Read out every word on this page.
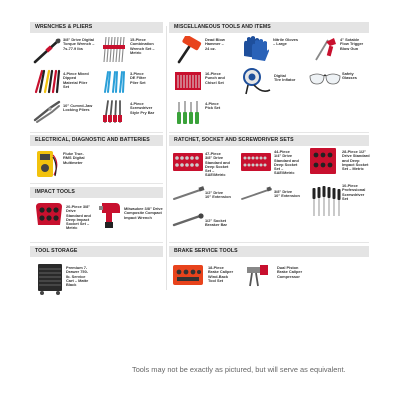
WRENCHES & PLIERS	MISCELLANEOUS TOOLS AND ITEMS
ELECTRICAL, DIAGNOSTIC AND BATTERIES	RATCHET, SOCKET AND SCREWDRIVER SETS
IMPACT TOOLS
TOOL STORAGE	BRAKE SERVICE TOOLS
3/8" Drive Digital
Torque Wrench –
7s-77.9 lbs
15-Piece
Combination
Wrench Set –
Metric
4-Piece Mixed
Dipped
Material Plier
Set
3-Piece
DE Filter
Plier Set
10" Curved-Jaw
Locking Pliers
4-Piece
Screwdriver
Style Pry Bar
Dead Blow
Hammer –
24 oz.
Nitrile Gloves
– Large
4" Sotable
Flow Trigger
Blow Gun
16-Piece
Punch and
Chisel Set
Digital
Tire Inflator
Safety
Glasses
4-Piece
Pick Set
Fluke True-
RMS Digital
Multimeter
47-Piece
3/8" Drive
Standard and
Deep Socket
Set –
SAE/Metric
44-Piece
1/4" Drive
Standard and
Deep Socket
Set –
SAE/Metric
28-Piece 1/2"
Drive Standard
and Deep
Impact Socket
Set – Metric
1/2" Drive
10" Extension
3/8" Drive
10" Extension
10-Piece
Professional
Screwdriver
Set
1/2" Socket
Breaker Bar
20-Piece 3/8"
Drive
Standard and
Deep Impact
Socket Set –
Metric
Milwaukee 3/8" Drive
Composite Compact
Impact Wrench
Premium 7-
Drawer 750-
lb. Service
Cart – Matte
Black
18-Piece
Brake Caliper
Wind-Back
Tool Set
Dual Piston
Brake Caliper
Compressor
Tools may not be exactly as pictured, but will serve as equivalent.
